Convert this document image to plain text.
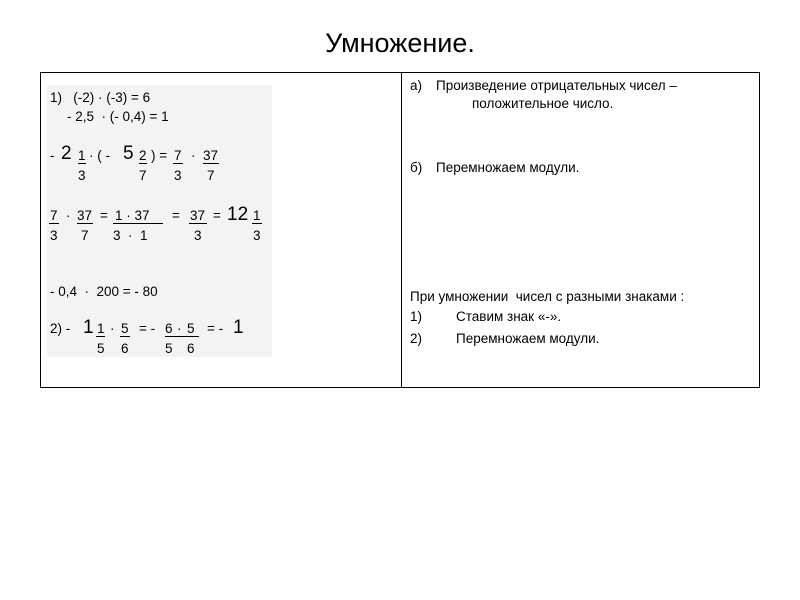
Умножение.
1)   (-2) · (-3) = 6
- 2,5  · (- 0,4) = 1
- 2 1
3
· ( - 5 2
7
) = 7
3
· 37
7
7
3
· 37
7
= 1 · 37
3  ·  1
= 37
3
= 12 1
3
- 0,4  ·  200 = - 80
2) - 1 1
5
· 5
6
= - 6 · 5
5 6
= - 1
а) Произведение отрицательных чисел –
положительное число.
б) Перемножаем модули.
При умножении  чисел с разными знаками :
1)	Ставим знак «-».
2)	Перемножаем модули.
